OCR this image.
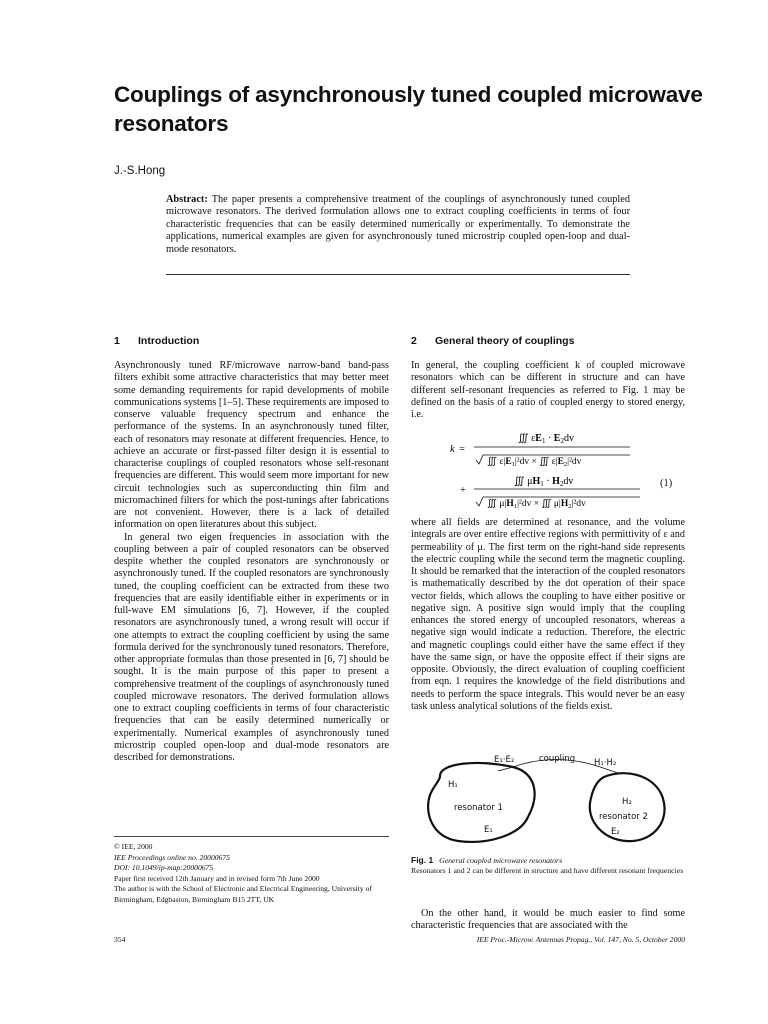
Couplings of asynchronously tuned coupled microwave resonators
J.-S.Hong
Abstract: The paper presents a comprehensive treatment of the couplings of asynchronously tuned coupled microwave resonators. The derived formulation allows one to extract coupling coefficients in terms of four characteristic frequencies that can be easily determined numerically or experimentally. To demonstrate the applications, numerical examples are given for asynchronously tuned microstrip coupled open-loop and dual-mode resonators.
1 Introduction	2 General theory of couplings

Asynchronously tuned RF/microwave narrow-band band-pass filters exhibit some attractive characteristics that may better meet some demanding requirements for rapid developments of mobile communications systems [1–5]. These requirements are imposed to conserve valuable frequency spectrum and enhance the performance of the systems. In an asynchronously tuned filter, each of resonators may resonate at different frequencies. Hence, to achieve an accurate or first-passed filter design it is essential to characterise couplings of coupled resonators whose self-resonant frequencies are different. This would seem more important for new circuit technologies such as superconducting thin film and micromachined filters for which the post-tunings after fabrications are not convenient. However, there is a lack of detailed information on open literatures about this subject.

In general two eigen frequencies in association with the coupling between a pair of coupled resonators can be observed despite whether the coupled resonators are synchronously or asynchronously tuned. If the coupled resonators are synchronously tuned, the coupling coefficient can be extracted from these two frequencies that are easily identifiable either in experiments or in full-wave EM simulations [6, 7]. However, if the coupled resonators are asynchronously tuned, a wrong result will occur if one attempts to extract the coupling coefficient by using the same formula derived for the synchronously tuned resonators. Therefore, other appropriate formulas than those presented in [6, 7] should be sought. It is the main purpose of this paper to present a comprehensive treatment of the couplings of asynchronously tuned coupled microwave resonators. The derived formulation allows one to extract coupling coefficients in terms of four characteristic frequencies that can be easily determined numerically or experimentally. Numerical examples of asynchronously tuned microstrip coupled open-loop and dual-mode resonators are described for demonstrations.

© IEE, 2000
IEE Proceedings online no. 20000675
DOI: 10.1049/ip-map:20000675
Paper first received 12th January and in revised form 7th June 2000
The author is with the School of Electronic and Electrical Engineering, University of Birmingham, Edgbaston, Birmingham B15 2TT, UK
In general, the coupling coefficient k of coupled microwave resonators which can be different in structure and can have different self-resonant frequencies as referred to Fig. 1 may be defined on the basis of a ratio of coupled energy to stored energy, i.e.
k =
∭ $\varepsilon E_1 \cdot E_2dv$
∭ $\varepsilon|E_1|^2dv$ × ∭ $\varepsilon|E_2|^2dv$
∭ $\mu H_1 \cdot H_2dv$
+
∭ $\mu|H_1|^2dv$ × ∭ $\mu|H_2|^2dv$
(1)
where all fields are determined at resonance, and the volume integrals are over entire effective regions with permittivity of ε and permeability of μ. The first term on the right-hand side represents the electric coupling while the second term the magnetic coupling. It should be remarked that the interaction of the coupled resonators is mathematically described by the dot operation of their space vector fields, which allows the coupling to have either positive or negative sign. A positive sign would imply that the coupling enhances the stored energy of uncoupled resonators, whereas a negative sign would indicate a reduction. Therefore, the electric and magnetic couplings could either have the same effect if they have the same sign, or have the opposite effect if their signs are opposite. Obviously, the direct evaluation of coupling coefficient from eqn. 1 requires the knowledge of the field distributions and needs to perform the space integrals. This would never be an easy task unless analytical solutions of the fields exist.
E₁·E₂	coupling H₁·H₂
H₁
resonator 1
E₁
H₂
resonator 2
E₂
Fig. 1 General coupled microwave resonators
Resonators 1 and 2 can be different in structure and have different resonant frequencies

On the other hand, it would be much easier to find some characteristic frequencies that are associated with the

354	IEE Proc.-Microw. Antennas Propag., Vol. 147, No. 5, October 2000
